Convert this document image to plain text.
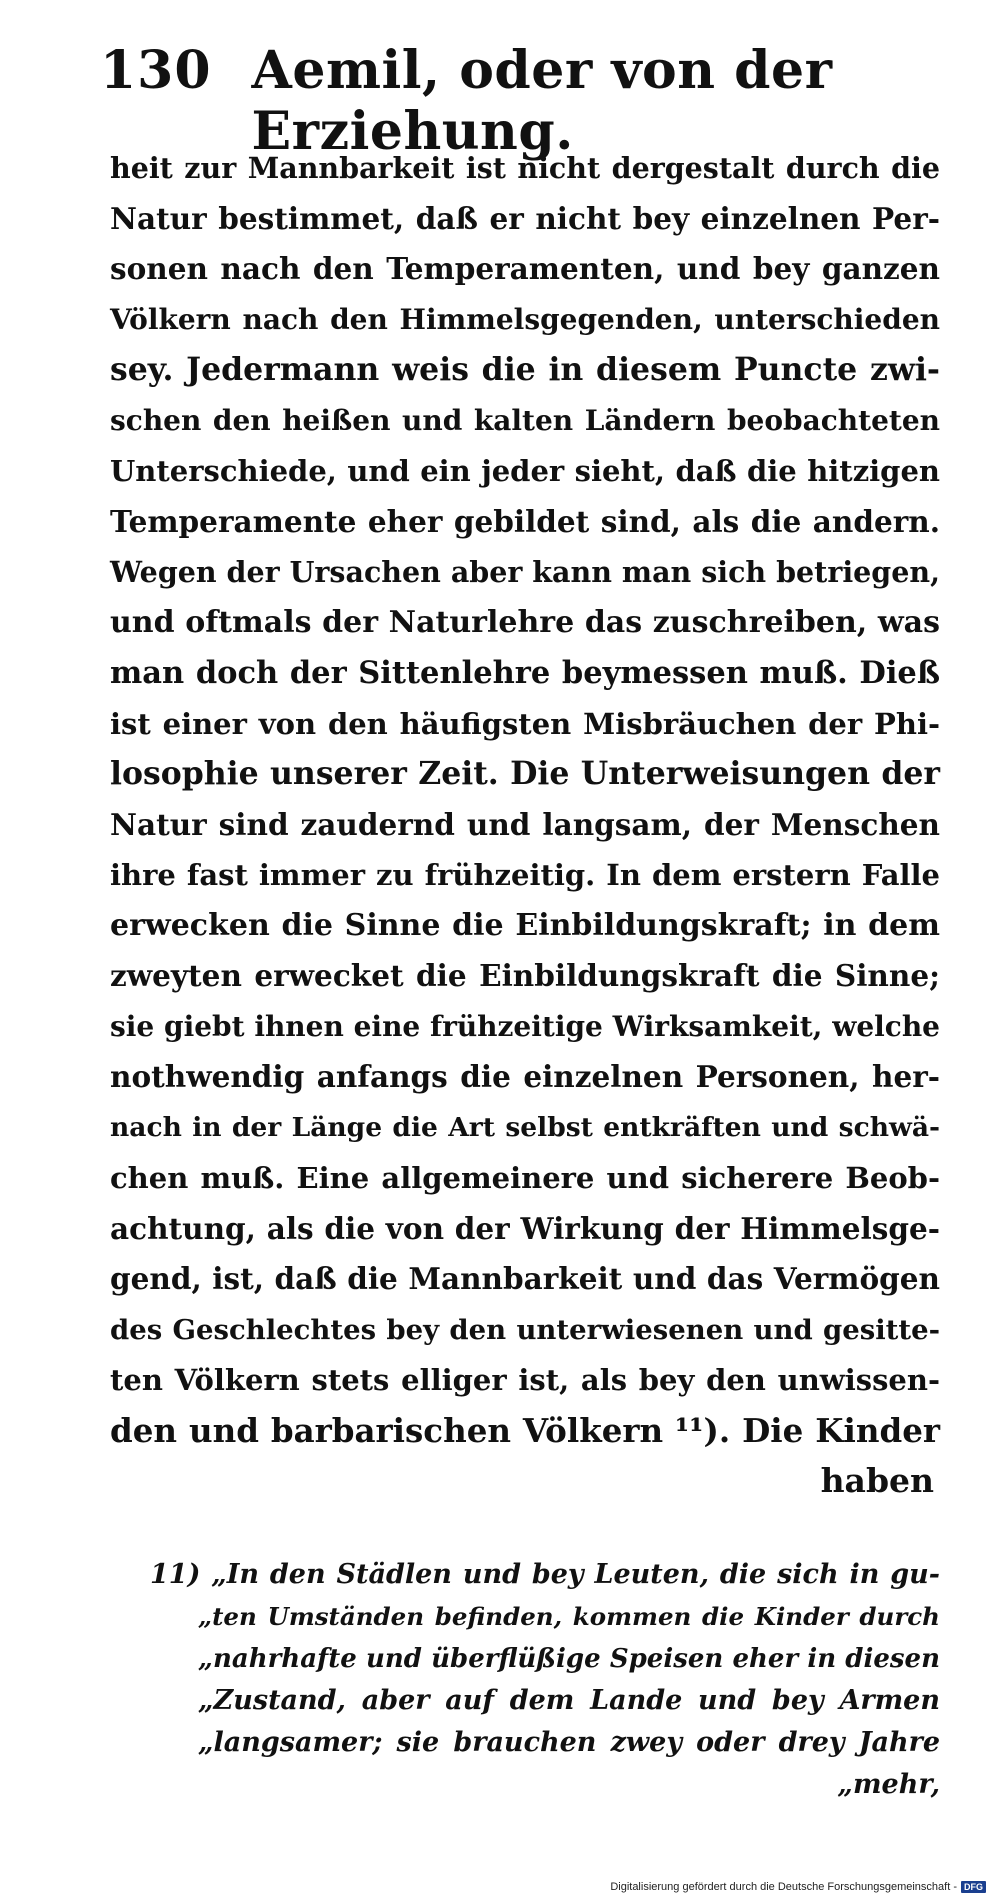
130 Aemil, oder von der Erziehung.
heit zur Mannbarkeit ist nicht dergestalt durch die
Natur bestimmet, daß er nicht bey einzelnen Per-
sonen nach den Temperamenten, und bey ganzen
Völkern nach den Himmelsgegenden, unterschieden
sey. Jedermann weis die in diesem Puncte zwi-
schen den heißen und kalten Ländern beobachteten
Unterschiede, und ein jeder sieht, daß die hitzigen
Temperamente eher gebildet sind, als die andern.
Wegen der Ursachen aber kann man sich betriegen,
und oftmals der Naturlehre das zuschreiben, was
man doch der Sittenlehre beymessen muß. Dieß
ist einer von den häufigsten Misbräuchen der Phi-
losophie unserer Zeit. Die Unterweisungen der
Natur sind zaudernd und langsam, der Menschen
ihre fast immer zu frühzeitig. In dem erstern Falle
erwecken die Sinne die Einbildungskraft; in dem
zweyten erwecket die Einbildungskraft die Sinne;
sie giebt ihnen eine frühzeitige Wirksamkeit, welche
nothwendig anfangs die einzelnen Personen, her-
nach in der Länge die Art selbst entkräften und schwä-
chen muß. Eine allgemeinere und sicherere Beob-
achtung, als die von der Wirkung der Himmelsge-
gend, ist, daß die Mannbarkeit und das Vermögen
des Geschlechtes bey den unterwiesenen und gesitte-
ten Völkern stets elliger ist, als bey den unwissen-
den und barbarischen Völkern ¹¹). Die Kinder
haben
11) „In den Städlen und bey Leuten, die sich in gu-
„ten Umständen befinden, kommen die Kinder durch
„nahrhafte und überflüßige Speisen eher in diesen
„Zustand, aber auf dem Lande und bey Armen
„langsamer; sie brauchen zwey oder drey Jahre
„mehr,
Digitalisierung gefördert durch die Deutsche Forschungsgemeinschaft - DFG
